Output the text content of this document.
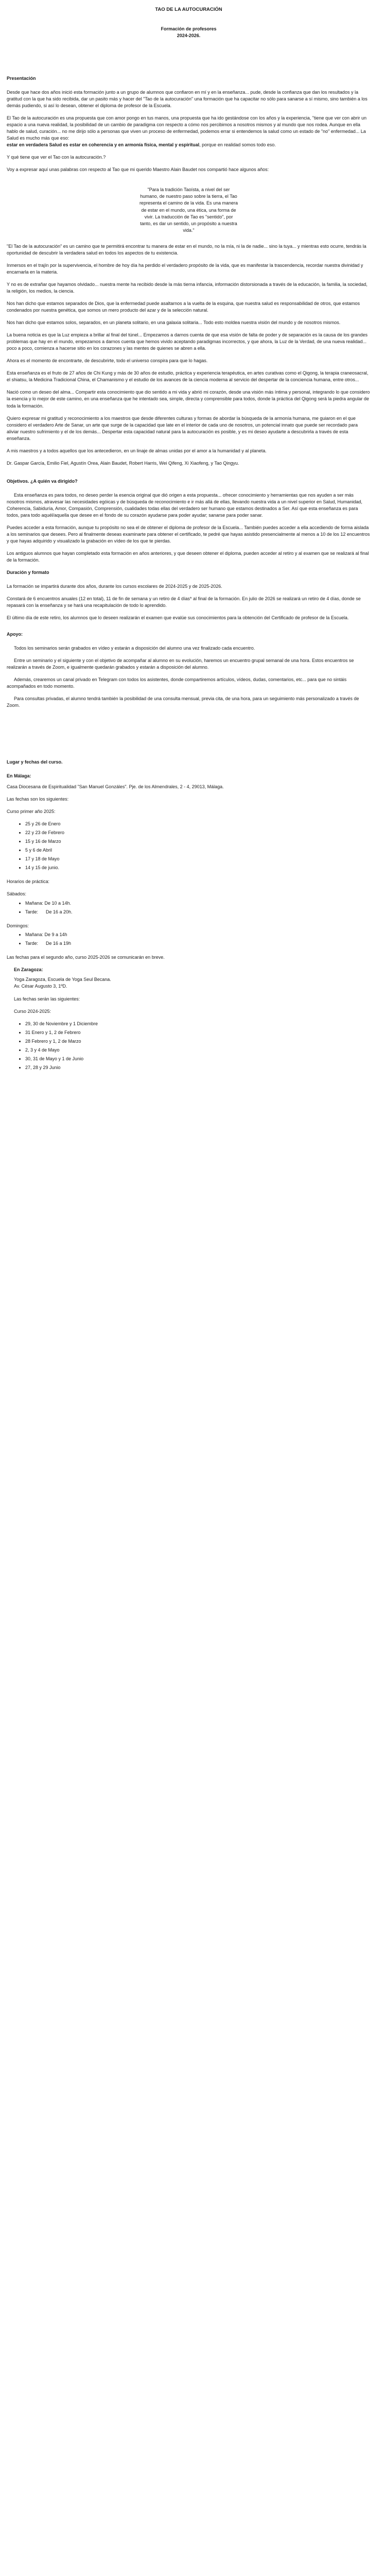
TAO DE LA AUTOCURACIÓN
Formación de profesores
2024-2026.
Presentación

Desde que hace dos años inició esta formación junto a un grupo de alumnos que confiaron en mí y en la enseñanza... pude, desde la confianza que dan los resultados y la gratitud con la que ha sido recibida, dar un pasito más y hacer del "Tao de la autocuración" una formación que ha capacitar no sólo para sanarse a sí mismo, sino también a los demás pudiendo, si así lo desean, obtener el diploma de profesor de la Escuela.

El Tao de la autocuración es una propuesta que con amor pongo en tus manos, una propuesta que ha ido gestándose con los años y la experiencia, "tiene que ver con abrir un espacio a una nueva realidad, la posibilidad de un cambio de paradigma con respecto a cómo nos percibimos a nosotros mismos y al mundo que nos rodea. Aunque en ella hablo de salud, curación... no me dirijo sólo a personas que viven un proceso de enfermedad, podemos errar si entendemos la salud como un estado de "no" enfermedad... La Salud es mucho más que eso:
estar en verdadera Salud es estar en coherencia y en armonía física, mental y espiritual, porque en realidad somos todo eso.

Y qué tiene que ver el Tao con la autocuración.?

Voy a expresar aquí unas palabras con respecto al Tao que mi querido Maestro Alain Baudet nos compartió hace algunos años:

"Para la tradición Taoísta, a nivel del ser
humano, de nuestro paso sobre la tierra, el Tao
representa el camino de la vida. Es una manera
de estar en el mundo, una ética, una forma de
vivir. La traducción de Tao es "sentido", por
tanto, es dar un sentido, un propósito a nuestra
vida."

"El Tao de la autocuración" es un camino que te permitirá encontrar tu manera de estar en el mundo, no la mía, ni la de nadie... sino la tuya... y mientras esto ocurre, tendrás la oportunidad de descubrir la verdadera salud en todos los aspectos de tu existencia.

Inmersos en el trajín por la supervivencia, el hombre de hoy día ha perdido el verdadero propósito de la vida, que es manifestar la trascendencia, recordar nuestra divinidad y encarnarla en la materia.

Y no es de extrañar que hayamos olvidado... nuestra mente ha recibido desde la más tierna infancia, información distorsionada a través de la educación, la familia, la sociedad, la religión, los medios, la ciencia.

Nos han dicho que estamos separados de Dios, que la enfermedad puede asaltarnos a la vuelta de la esquina, que nuestra salud es responsabilidad de otros, que estamos condenados por nuestra genética, que somos un mero producto del azar y de la selección natural.

Nos han dicho que estamos solos, separados, en un planeta solitario, en una galaxia solitaria... Todo esto moldea nuestra visión del mundo y de nosotros mismos.

La buena noticia es que la Luz empieza a brillar al final del túnel... Empezamos a darnos cuenta de que esa visión de falta de poder y de separación es la causa de los grandes problemas que hay en el mundo, empezamos a darnos cuenta que hemos vivido aceptando paradigmas incorrectos, y que ahora, la Luz de la Verdad, de una nueva realidad... poco a poco, comienza a hacerse sitio en los corazones y las mentes de quienes se abren a ella.

Ahora es el momento de encontrarte, de descubrirte, todo el universo conspira para que lo hagas.

Esta enseñanza es el fruto de 27 años de Chi Kung y más de 30 años de estudio, práctica y experiencia terapéutica, en artes curativas como el Qigong, la terapia craneosacral, el shiatsu, la Medicina Tradicional China, el Chamanismo y el estudio de los avances de la ciencia moderna al servicio del despertar de la conciencia humana, entre otros...

Nació como un deseo del alma... Compartir esta conocimiento que dio sentido a mi vida y abrió mi corazón, desde una visión más íntima y personal, integrando lo que considero la esencia y lo mejor de este camino, en una enseñanza que he intentado sea, simple, directa y comprensible para todos, donde la práctica del Qigong será la piedra angular de toda la formación.

Quiero expresar mi gratitud y reconocimiento a los maestros que desde diferentes culturas y formas de abordar la búsqueda de la armonía humana, me guiaron en el que considero el verdadero Arte de Sanar, un arte que surge de la capacidad que late en el interior de cada uno de nosotros, un potencial innato que puede ser recordado para aliviar nuestro sufrimiento y el de los demás... Despertar esta capacidad natural para la autocuración es posible, y es mi deseo ayudarte a descubrirla a través de esta enseñanza.

A mis maestros y a todos aquellos que los antecedieron, en un linaje de almas unidas por el amor a la humanidad y al planeta.

Dr. Gaspar García, Emilio Fiel, Agustín Orea, Alain Baudet, Robert Harris, Wei Qifeng, Xi Xiaofeng, y Tao Qingyu.

Objetivos. ¿A quién va dirigido?

Esta enseñanza es para todos, no deseo perder la esencia original que dió origen a esta propuesta... ofrecer conocimiento y herramientas que nos ayuden a ser más nosotros mismos, atravesar las necesidades egóicas y de búsqueda de reconocimiento e ir más allá de ellas, llevando nuestra vida a un nivel superior en Salud, Humanidad, Coherencia, Sabiduría, Amor, Compasión, Comprensión, cualidades todas ellas del verdadero ser humano que estamos destinados a Ser. Así que esta enseñanza es para todos, para todo aquél/aquella que desee en el fondo de su corazón ayudarse para poder ayudar; sanarse para poder sanar.

Puedes acceder a esta formación, aunque tu propósito no sea el de obtener el diploma de profesor de la Escuela... También puedes acceder a ella accediendo de forma aislada a los seminarios que desees. Pero al finalmente deseas examinarte para obtener el certificado, te pedré que hayas asistido presencialmente al menos a 10 de los 12 encuentros y que hayas adquirido y visualizado la grabación en vídeo de los que te pierdas.

Los antiguos alumnos que hayan completado esta formación en años anteriores, y que deseen obtener el diploma, pueden acceder al retiro y al examen que se realizará al final de la formación.

Duración y formato

La formación se impartirá durante dos años, durante los cursos escolares de 2024-2025 y de 2025-2026.

Constará de 6 encuentros anuales (12 en total), 11 de fin de semana y un retiro de 4 días* al final de la formación. En julio de 2026 se realizará un retiro de 4 días, donde se repasará con la enseñanza y se hará una recapitulación de todo lo aprendido.

El último día de este retiro, los alumnos que lo deseen realizarán el examen que evalúe sus conocimientos para la obtención del Certificado de profesor de la Escuela.

Apoyo:

Todos los seminarios serán grabados en vídeo y estarán a disposición del alumno una vez finalizado cada encuentro.

Entre un seminario y el siguiente y con el objetivo de acompañar al alumno en su evolución, haremos un encuentro grupal semanal de una hora. Estos encuentros se realizarán a través de Zoom, e igualmente quedarán grabados y estarán a disposición del alumno.

Además, crearemos un canal privado en Telegram con todos los asistentes, donde compartiremos artículos, vídeos, dudas, comentarios, etc... para que no sintáis acompañados en todo momento.

Para consultas privadas, el alumno tendrá también la posibilidad de una consulta mensual, previa cita, de una hora, para un seguimiento más personalizado a través de Zoom.

Lugar y fechas del curso.
En Málaga:

Casa Diocesana de Espiritualidad "San Manuel Gonzáles". Pje. de los Almendrales, 2 - 4, 29013, Málaga.

Las fechas son los siguientes:

Curso primer año 2025:

• 25 y 26 de Enero
• 22 y 23 de Febrero
• 15 y 16 de Marzo
• 5 y 6 de Abril
• 17 y 18 de Mayo
• 14 y 15 de junio.

Horarios de práctica:

Sábados:
• Mañana: De 10 a 14h.
• Tarde:      De 16 a 20h.
Domingos:
• Mañana: De 9 a 14h
• Tarde:      De 16 a 19h

Las fechas para el segundo año, curso 2025-2026 se comunicarán en breve.

En Zaragoza:
Yoga Zaragoza, Escuela de Yoga Seul Becana.
Av. César Augusto 3, 1ºD.

Las fechas serán las siguientes:

Curso 2024-2025:

• 29, 30 de Noviembre y 1 Diciembre
• 31 Enero y 1, 2 de Febrero
• 28 Febrero y 1, 2 de Marzo
• 2, 3 y 4 de Mayo
• 30, 31 de Mayo y 1 de Junio
• 27, 28 y 29 Junio
